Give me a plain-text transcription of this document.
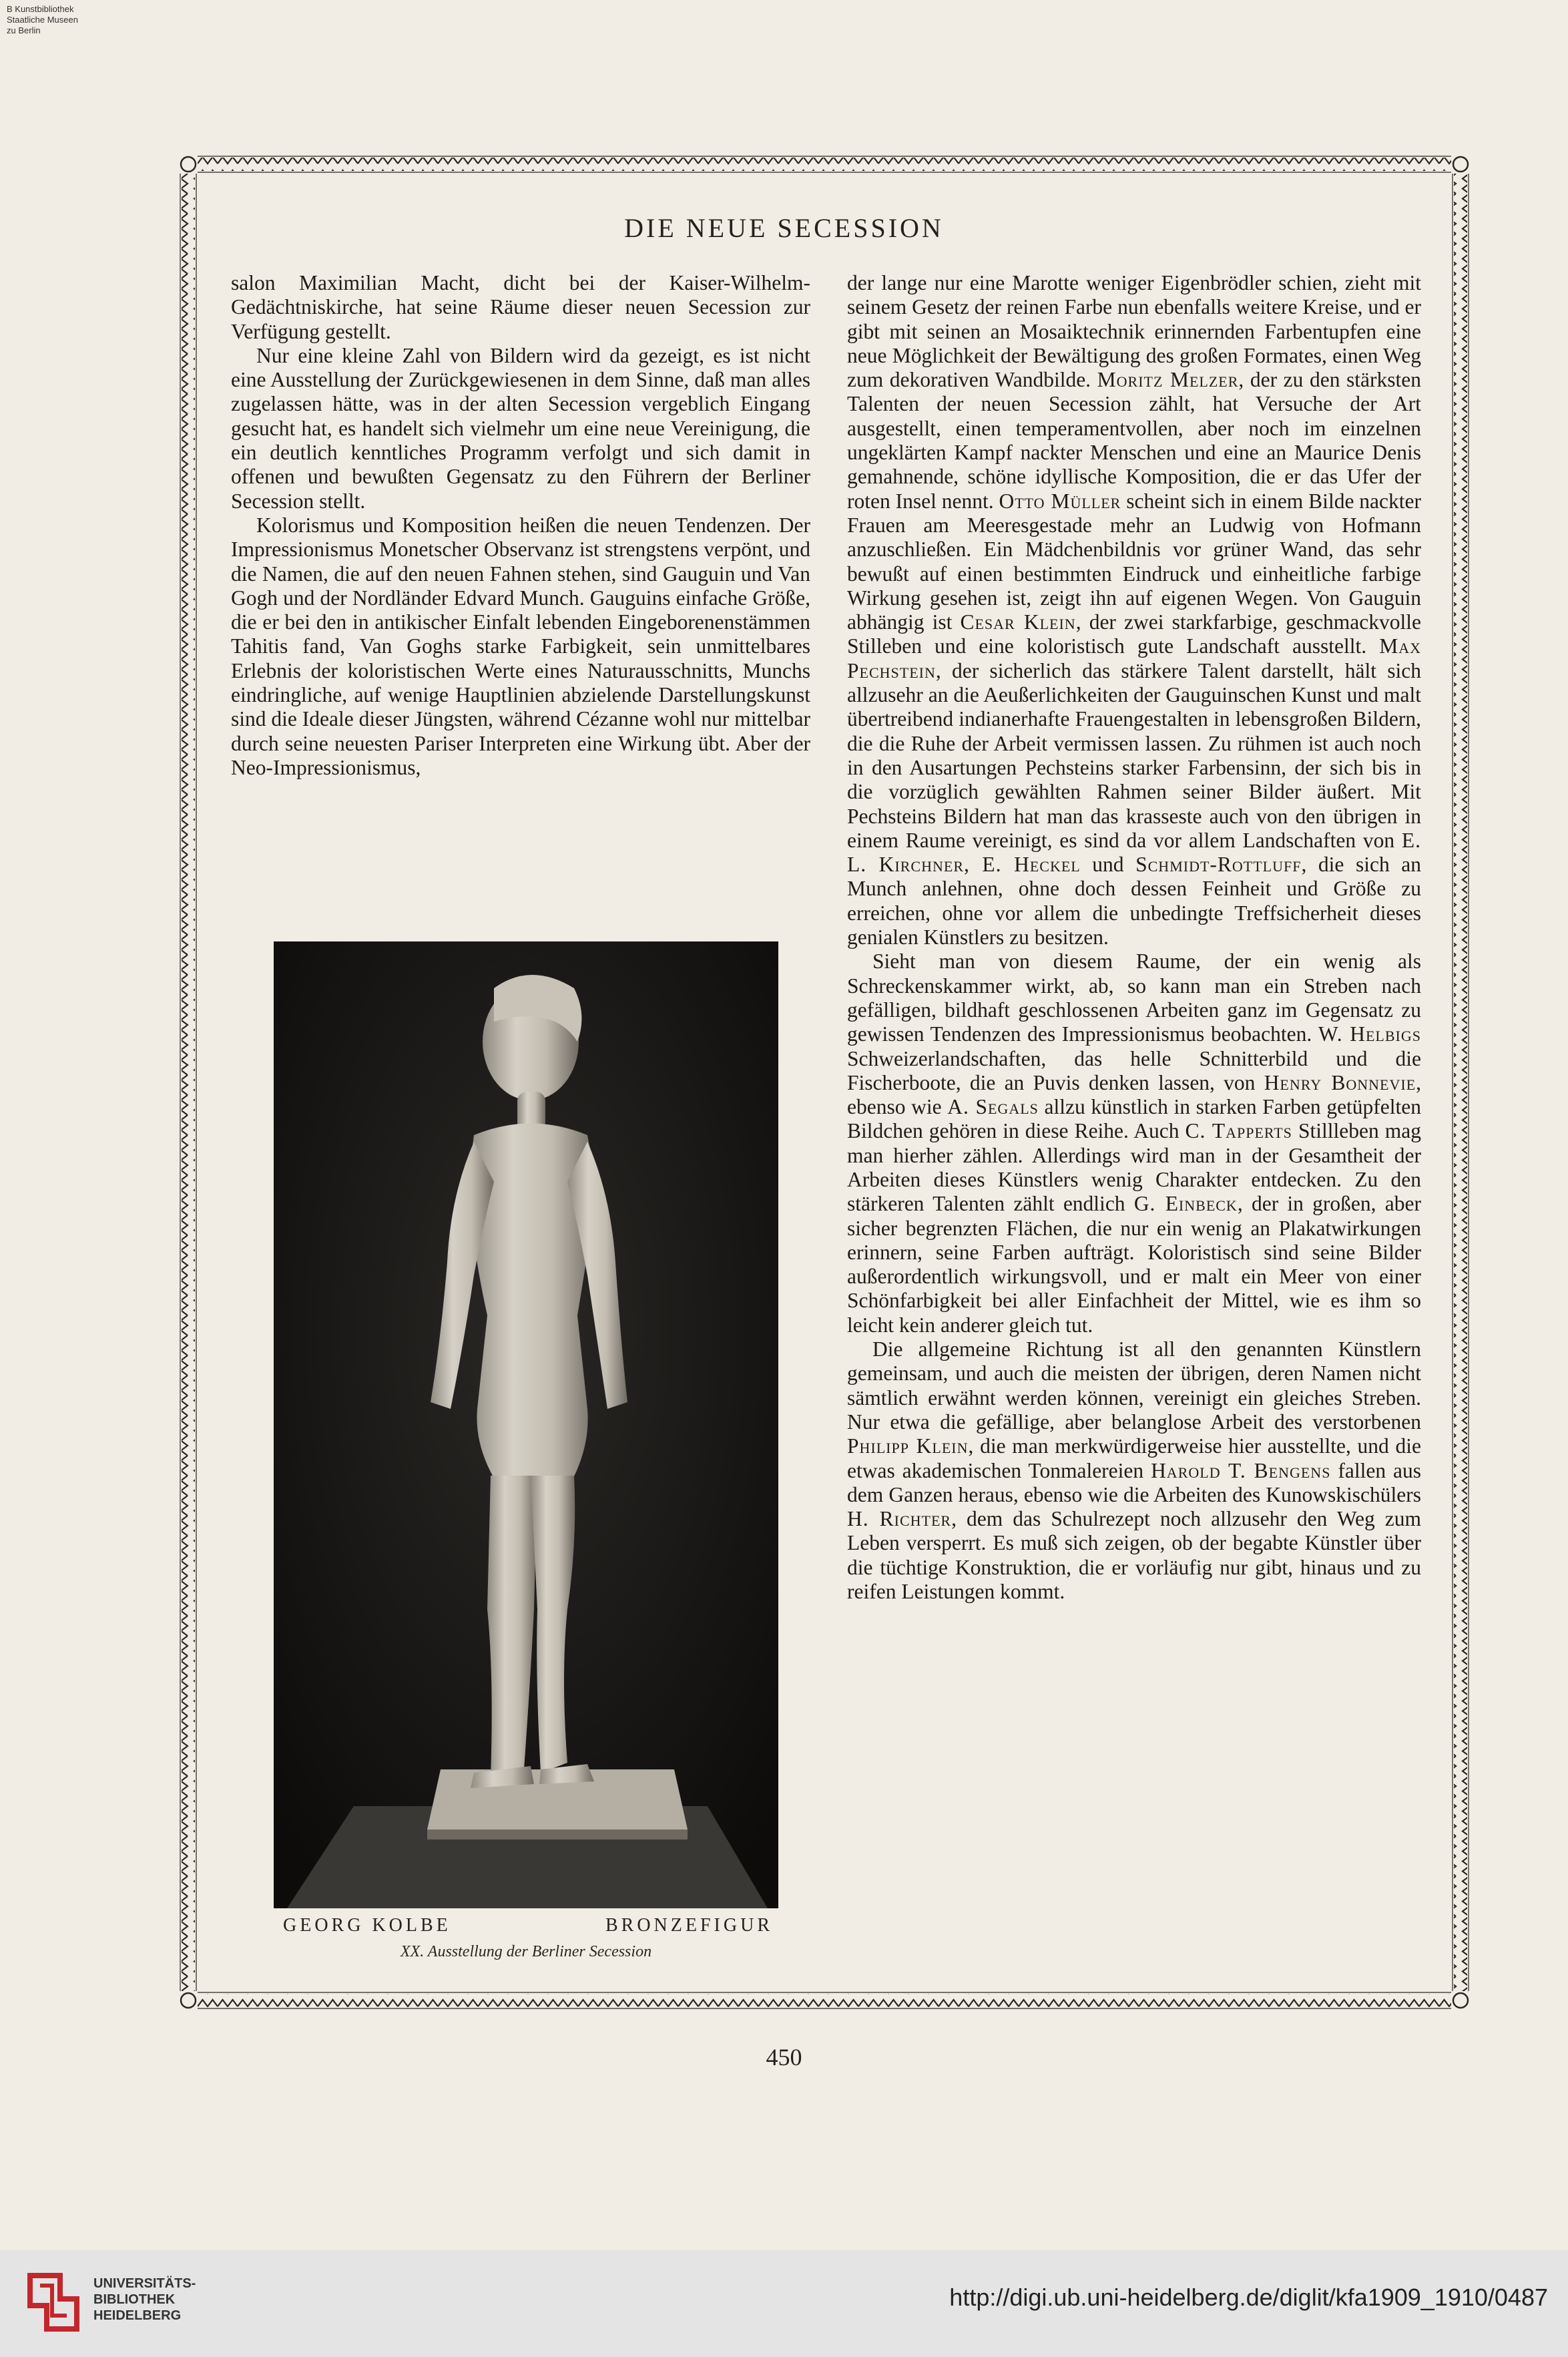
B Kunstbibliothek
Staatliche Museen
zu Berlin
DIE NEUE SECESSION

salon Maximilian Macht, dicht bei der Kaiser-Wilhelm-Gedächtniskirche, hat seine Räume dieser neuen Secession zur Verfügung gestellt.

Nur eine kleine Zahl von Bildern wird da gezeigt, es ist nicht eine Ausstellung der Zurückgewiesenen in dem Sinne, daß man alles zugelassen hätte, was in der alten Secession vergeblich Eingang gesucht hat, es handelt sich vielmehr um eine neue Vereinigung, die ein deutlich kenntliches Programm verfolgt und sich damit in offenen und bewußten Gegensatz zu den Führern der Berliner Secession stellt.

Kolorismus und Komposition heißen die neuen Tendenzen. Der Impressionismus Monetscher Observanz ist strengstens verpönt, und die Namen, die auf den neuen Fahnen stehen, sind Gauguin und Van Gogh und der Nordländer Edvard Munch. Gauguins einfache Größe, die er bei den in antikischer Einfalt lebenden Eingeborenenstämmen Tahitis fand, Van Goghs starke Farbigkeit, sein unmittelbares Erlebnis der koloristischen Werte eines Naturausschnitts, Munchs eindringliche, auf wenige Hauptlinien abzielende Darstellungskunst sind die Ideale dieser Jüngsten, während Cézanne wohl nur mittelbar durch seine neuesten Pariser Interpreten eine Wirkung übt. Aber der Neo-Impressionismus,

GEORG KOLBE	BRONZEFIGUR
XX. Ausstellung der Berliner Secession

der lange nur eine Marotte weniger Eigenbrödler schien, zieht mit seinem Gesetz der reinen Farbe nun ebenfalls weitere Kreise, und er gibt mit seinen an Mosaiktechnik erinnernden Farbentupfen eine neue Möglichkeit der Bewältigung des großen Formates, einen Weg zum dekorativen Wandbilde. Moritz Melzer, der zu den stärksten Talenten der neuen Secession zählt, hat Versuche der Art ausgestellt, einen temperamentvollen, aber noch im einzelnen ungeklärten Kampf nackter Menschen und eine an Maurice Denis gemahnende, schöne idyllische Komposition, die er das Ufer der roten Insel nennt. Otto Müller scheint sich in einem Bilde nackter Frauen am Meeresgestade mehr an Ludwig von Hofmann anzuschließen. Ein Mädchenbildnis vor grüner Wand, das sehr bewußt auf einen bestimmten Eindruck und einheitliche farbige Wirkung gesehen ist, zeigt ihn auf eigenen Wegen. Von Gauguin abhängig ist Cesar Klein, der zwei starkfarbige, geschmackvolle Stilleben und eine koloristisch gute Landschaft ausstellt. Max Pechstein, der sicherlich das stärkere Talent darstellt, hält sich allzusehr an die Aeußerlichkeiten der Gauguinschen Kunst und malt übertreibend indianerhafte Frauengestalten in lebensgroßen Bildern, die die Ruhe der Arbeit vermissen lassen. Zu rühmen ist auch noch in den Ausartungen Pechsteins starker Farbensinn, der sich bis in die vorzüglich gewählten Rahmen seiner Bilder äußert. Mit Pechsteins Bildern hat man das krasseste auch von den übrigen in einem Raume vereinigt, es sind da vor allem Landschaften von E. L. Kirchner, E. Heckel und Schmidt-Rottluff, die sich an Munch anlehnen, ohne doch dessen Feinheit und Größe zu erreichen, ohne vor allem die unbedingte Treffsicherheit dieses genialen Künstlers zu besitzen.

Sieht man von diesem Raume, der ein wenig als Schreckenskammer wirkt, ab, so kann man ein Streben nach gefälligen, bildhaft geschlossenen Arbeiten ganz im Gegensatz zu gewissen Tendenzen des Impressionismus beobachten. W. Helbigs Schweizerlandschaften, das helle Schnitterbild und die Fischerboote, die an Puvis denken lassen, von Henry Bonnevie, ebenso wie A. Segals allzu künstlich in starken Farben getüpfelten Bildchen gehören in diese Reihe. Auch C. Tapperts Stillleben mag man hierher zählen. Allerdings wird man in der Gesamtheit der Arbeiten dieses Künstlers wenig Charakter entdecken. Zu den stärkeren Talenten zählt endlich G. Einbeck, der in großen, aber sicher begrenzten Flächen, die nur ein wenig an Plakatwirkungen erinnern, seine Farben aufträgt. Koloristisch sind seine Bilder außerordentlich wirkungsvoll, und er malt ein Meer von einer Schönfarbigkeit bei aller Einfachheit der Mittel, wie es ihm so leicht kein anderer gleich tut.

Die allgemeine Richtung ist all den genannten Künstlern gemeinsam, und auch die meisten der übrigen, deren Namen nicht sämtlich erwähnt werden können, vereinigt ein gleiches Streben. Nur etwa die gefällige, aber belanglose Arbeit des verstorbenen Philipp Klein, die man merkwürdigerweise hier ausstellte, und die etwas akademischen Tonmalereien Harold T. Bengens fallen aus dem Ganzen heraus, ebenso wie die Arbeiten des Kunowskischülers H. Richter, dem das Schulrezept noch allzusehr den Weg zum Leben versperrt. Es muß sich zeigen, ob der begabte Künstler über die tüchtige Konstruktion, die er vorläufig nur gibt, hinaus und zu reifen Leistungen kommt.

450
UNIVERSITÄTS-
BIBLIOTHEK
HEIDELBERG
http://digi.ub.uni-heidelberg.de/diglit/kfa1909_1910/0487
